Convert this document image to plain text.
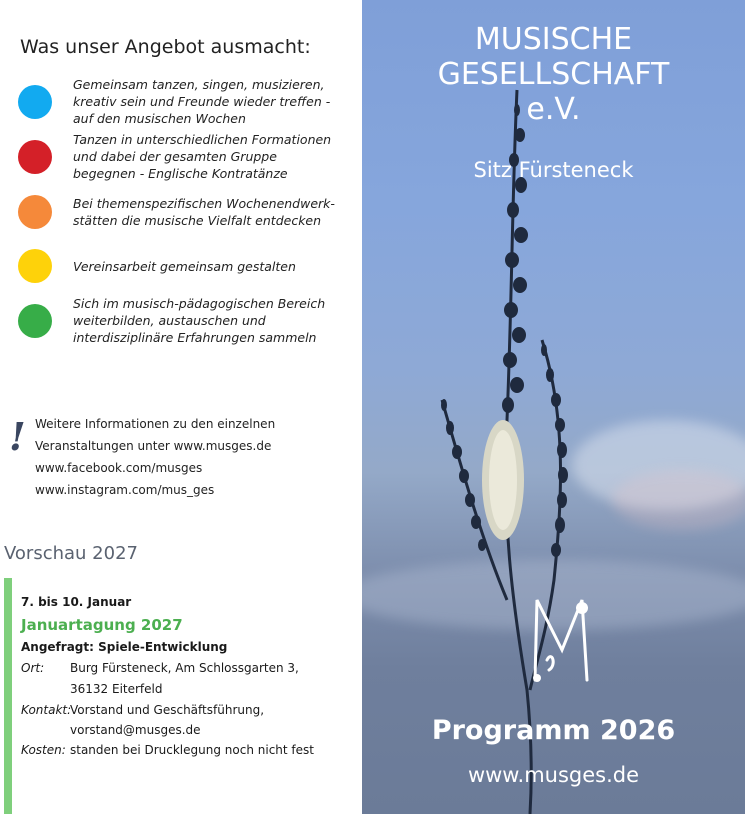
Was unser Angebot ausmacht:
Gemeinsam tanzen, singen, musizieren, kreativ sein und Freunde wieder treffen - auf den musischen Wochen
Tanzen in unterschiedlichen Formationen und dabei der gesamten Gruppe begegnen - Englische Kontratänze
Bei themenspezifischen Wochenendwerk-stätten die musische Vielfalt entdecken
Vereinsarbeit gemeinsam gestalten
Sich im musisch-pädagogischen Bereich weiterbilden, austauschen und interdisziplinäre Erfahrungen sammeln
! Weitere Informationen zu den einzelnen
Veranstaltungen unter www.musges.de
www.facebook.com/musges
www.instagram.com/mus_ges
Vorschau 2027
7. bis 10. Januar
Januartagung 2027
Angefragt: Spiele-Entwicklung
Ort: Burg Fürsteneck, Am Schlossgarten 3,
36132 Eiterfeld
Kontakt:
Vorstand und Geschäftsführung,
vorstand@musges.de
Kosten: standen bei Drucklegung noch nicht fest
MUSISCHE
GESELLSCHAFT
e.V.
Sitz Fürsteneck
Programm 2026
www.musges.de
